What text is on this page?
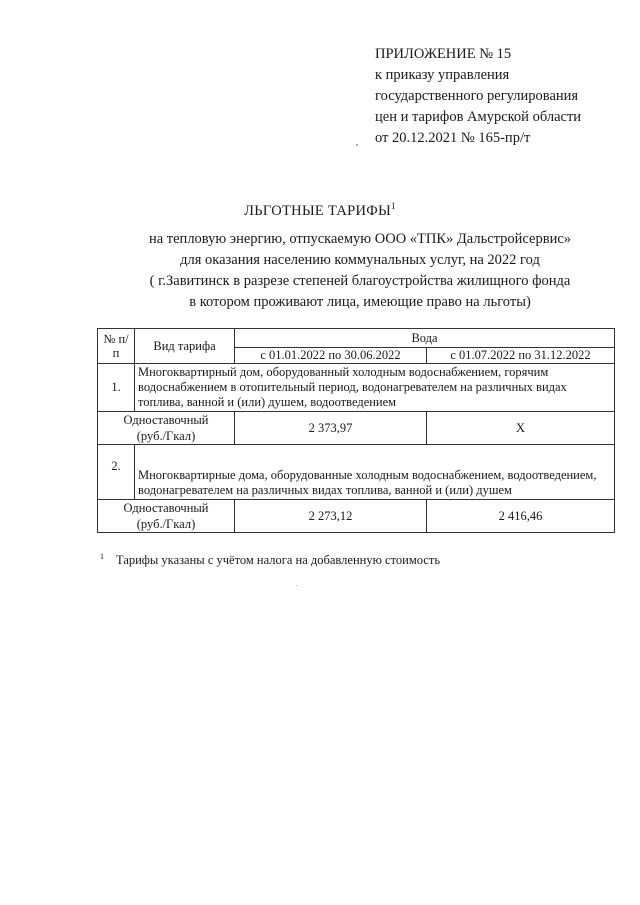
ПРИЛОЖЕНИЕ № 15
к приказу управления
государственного регулирования
цен и тарифов Амурской области
от 20.12.2021 № 165-пр/т
ЛЬГОТНЫЕ ТАРИФЫ$^1$
на тепловую энергию, отпускаемую ООО «ТПК» Дальстройсервис»
для оказания населению коммунальных услуг, на 2022 год
( г.Завитинск в разрезе степеней благоустройства жилищного фонда
в котором проживают лица, имеющие право на льготы)
№ п/п	Вид тарифа	Вода	
		с 01.01.2022 по 30.06.2022	с 01.07.2022 по 31.12.2022
1.	Многоквартирный дом, оборудованный холодным водоснабжением, горячим водоснабжением в отопительный период, водонагревателем на различных видах топлива, ванной и (или) душем, водоотведением		

Одноставочный
(руб./Гкал)		2 373,97	Х
2.	Многоквартирные дома, оборудованные холодным водоснабжением, водоотведением, водонагревателем на различных видах топлива, ванной и (или) душем		

Одноставочный
(руб./Гкал)		2 273,12	2 416,46
$^1$ Тарифы указаны с учётом налога на добавленную стоимость
